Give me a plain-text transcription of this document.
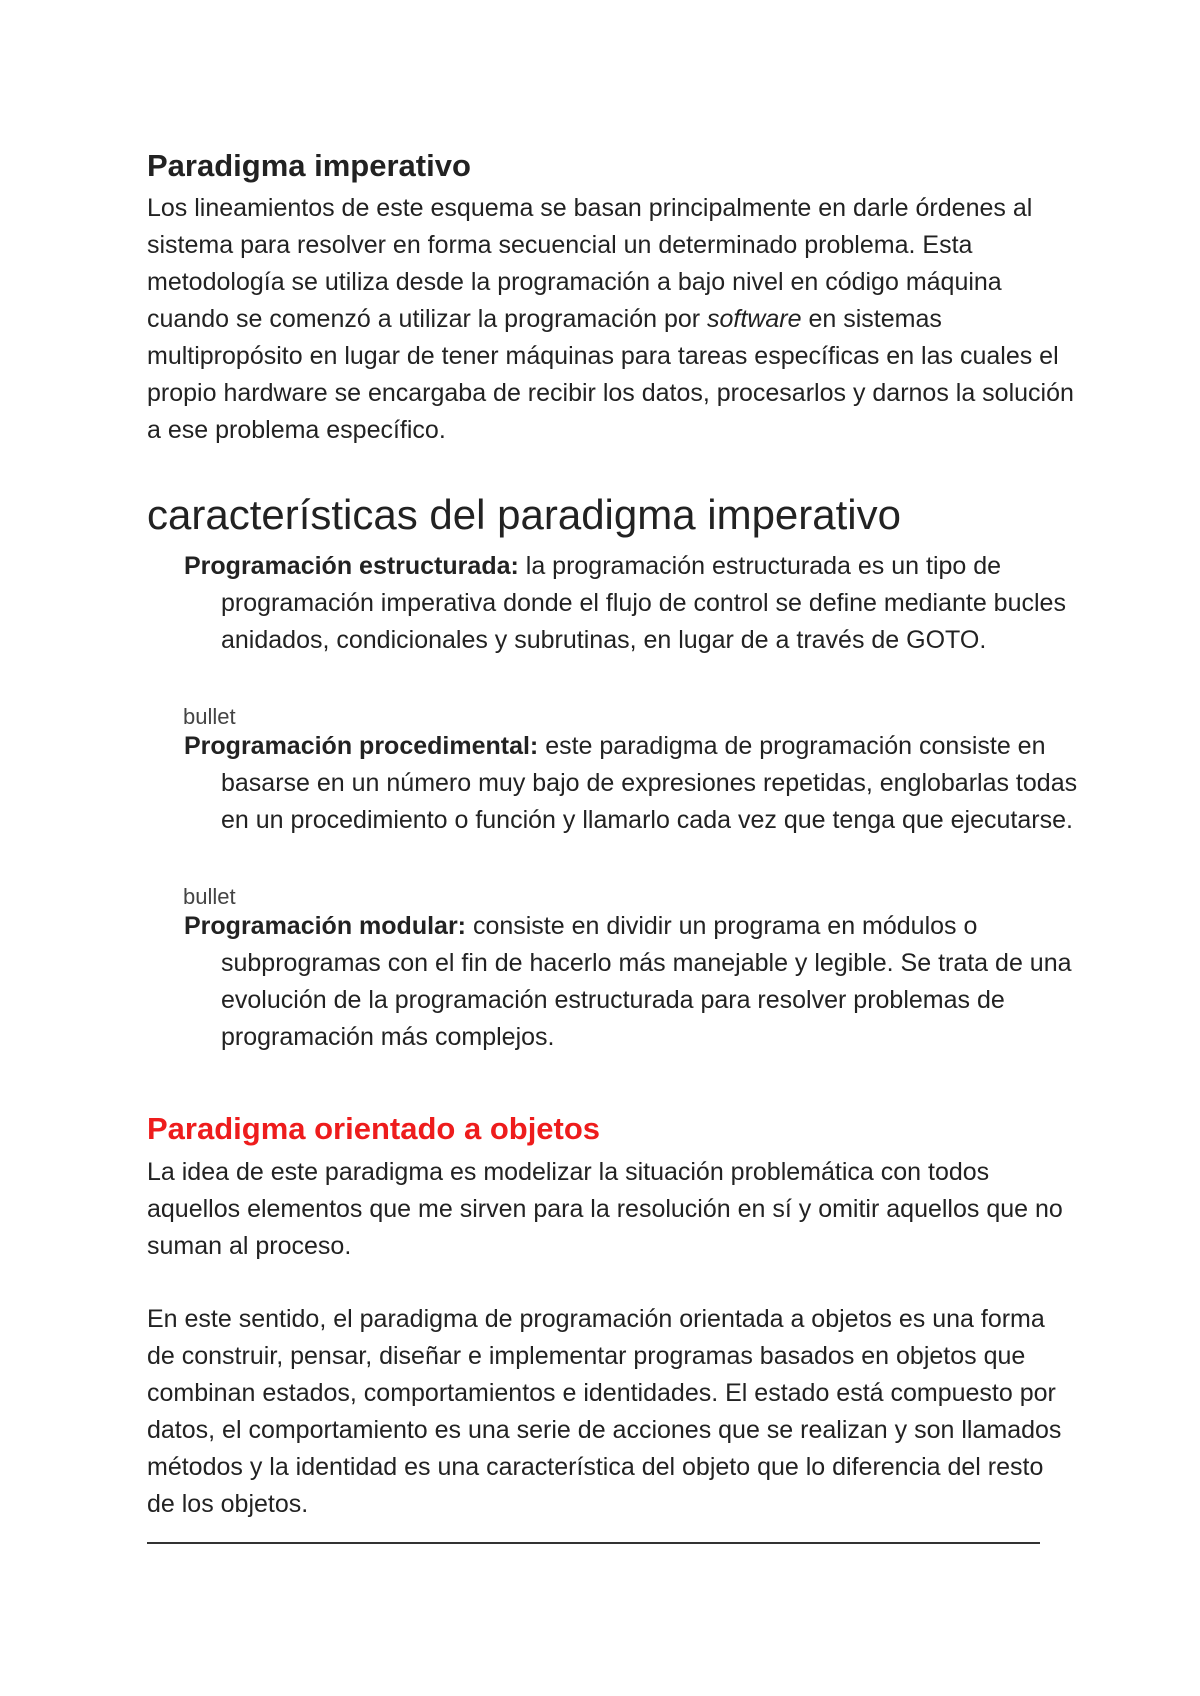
Paradigma imperativo

Los lineamientos de este esquema se basan principalmente en darle órdenes al sistema para resolver en forma secuencial un determinado problema. Esta metodología se utiliza desde la programación a bajo nivel en código máquina cuando se comenzó a utilizar la programación por software en sistemas multipropósito en lugar de tener máquinas para tareas específicas en las cuales el propio hardware se encargaba de recibir los datos, procesarlos y darnos la solución a ese problema específico.

características del paradigma imperativo

Programación estructurada: la programación estructurada es un tipo de programación imperativa donde el flujo de control se define mediante bucles anidados, condicionales y subrutinas, en lugar de a través de GOTO.

bullet

Programación procedimental: este paradigma de programación consiste en basarse en un número muy bajo de expresiones repetidas, englobarlas todas en un procedimiento o función y llamarlo cada vez que tenga que ejecutarse.

bullet

Programación modular: consiste en dividir un programa en módulos o subprogramas con el fin de hacerlo más manejable y legible. Se trata de una evolución de la programación estructurada para resolver problemas de programación más complejos.

Paradigma orientado a objetos

La idea de este paradigma es modelizar la situación problemática con todos aquellos elementos que me sirven para la resolución en sí y omitir aquellos que no suman al proceso.

En este sentido, el paradigma de programación orientada a objetos es una forma de construir, pensar, diseñar e implementar programas basados en objetos que combinan estados, comportamientos e identidades. El estado está compuesto por datos, el comportamiento es una serie de acciones que se realizan y son llamados métodos y la identidad es una característica del objeto que lo diferencia del resto de los objetos.
